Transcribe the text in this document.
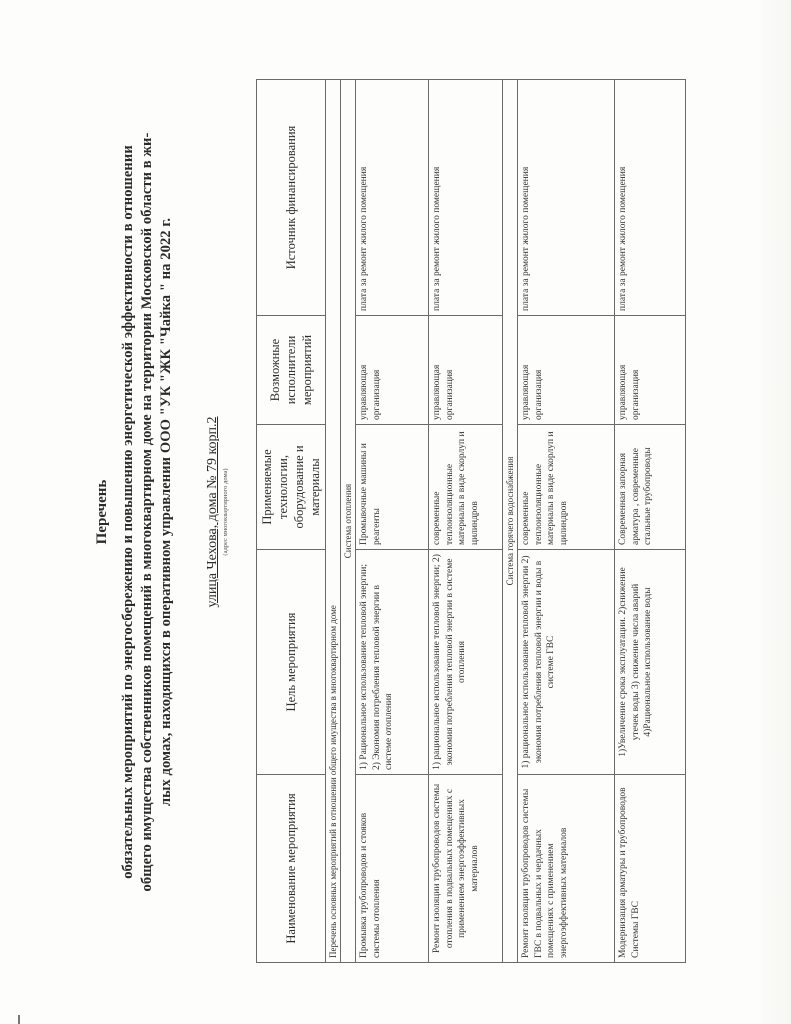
Перечень обязательных мероприятий по энергосбережению и повышению энергетической эффективности в отношении общего имущества собственников помещений в многоквартирном доме на территории Московской области в жи- лых домах, находящихся в оперативном управлении ООО "УК "ЖК "Чайка " на 2022 г. улица Чехова, дома № 79 корп.2 (адрес многоквартирного дома)
Наименование мероприятия	Цель мероприятия	Применяемые технологии, оборудование и материалы	Возможные исполнители мероприятий	Источник финансирования
Перечень основных мероприятий в отношении общего имущества в многоквартирном доме				
Система отопления				
Промывка трубопроводов и стояков системы отопления	1) Рациональное использование тепловой энергии; 2) Экономия потребления тепловой энергии в системе отопления	Промывочные машины и реагенты	управляющая организация	плата за ремонт жилого помещения
Ремонт изоляции трубопроводов системы отопления в подвальных помещениях с применением энергоэффективных материалов	1) рациональное использование тепловой энергии; 2) экономия потребления тепловой энергии в системе отопления	современные теплоизоляционные материалы в виде скорлуп и цилиндров	управляющая организация	плата за ремонт жилого помещения
Система горячего водоснабжения				
Ремонт изоляции трубопроводов системы ГВС в подвальных и чердачных помещениях с применением энергоэффективных материалов	1) рациональное использование тепловой энергии 2) экономия потребления тепловой энергии и воды в системе ГВС	современные теплоизоляционные материалы в виде скорлуп и цилиндров	управляющая организация	плата за ремонт жилого помещения
Модернизация арматуры и трубопроводов Системы ГВС	1)Увеличение срока эксплуатации. 2)снижение утечек воды 3) снижение числа аварий 4)Рациональное использование воды	Современная запорная арматура , современные стальные трубопроводы	управляющая организация	плата за ремонт жилого помещения
